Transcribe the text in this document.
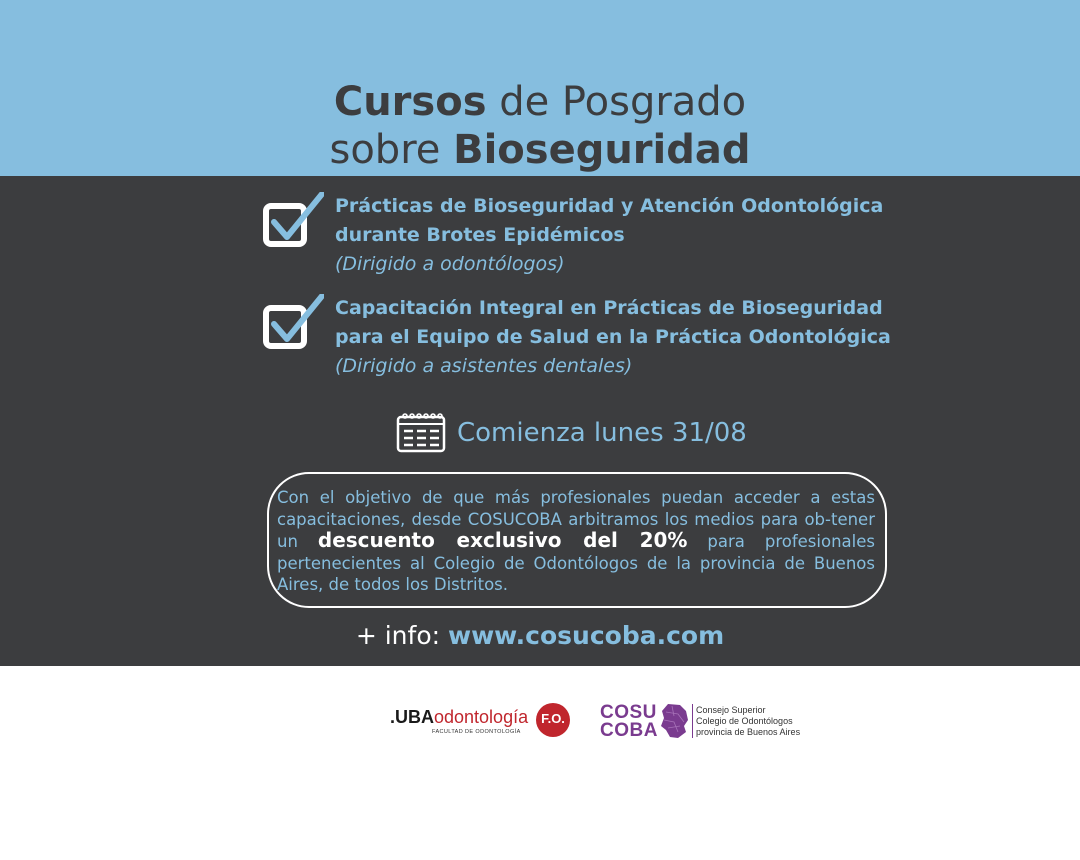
Cursos de Posgrado
sobre Bioseguridad
Prácticas de Bioseguridad y Atención Odontológica
durante Brotes Epidémicos
(Dirigido a odontólogos)
Capacitación Integral en Prácticas de Bioseguridad
para el Equipo de Salud en la Práctica Odontológica
(Dirigido a asistentes dentales)
Comienza lunes 31/08

Con el objetivo de que más profesionales puedan acceder a estas capacitaciones, desde COSUCOBA arbitramos los medios para ob-tener un descuento exclusivo del 20% para profesionales pertenecientes al Colegio de Odontólogos de la provincia de Buenos Aires, de todos los Distritos.

+ info: www.cosucoba.com
.UBAodontología
FACULTAD DE ODONTOLOGÍA
F.O. COSU
COBA
Consejo Superior
Colegio de Odontólogos
provincia de Buenos Aires
